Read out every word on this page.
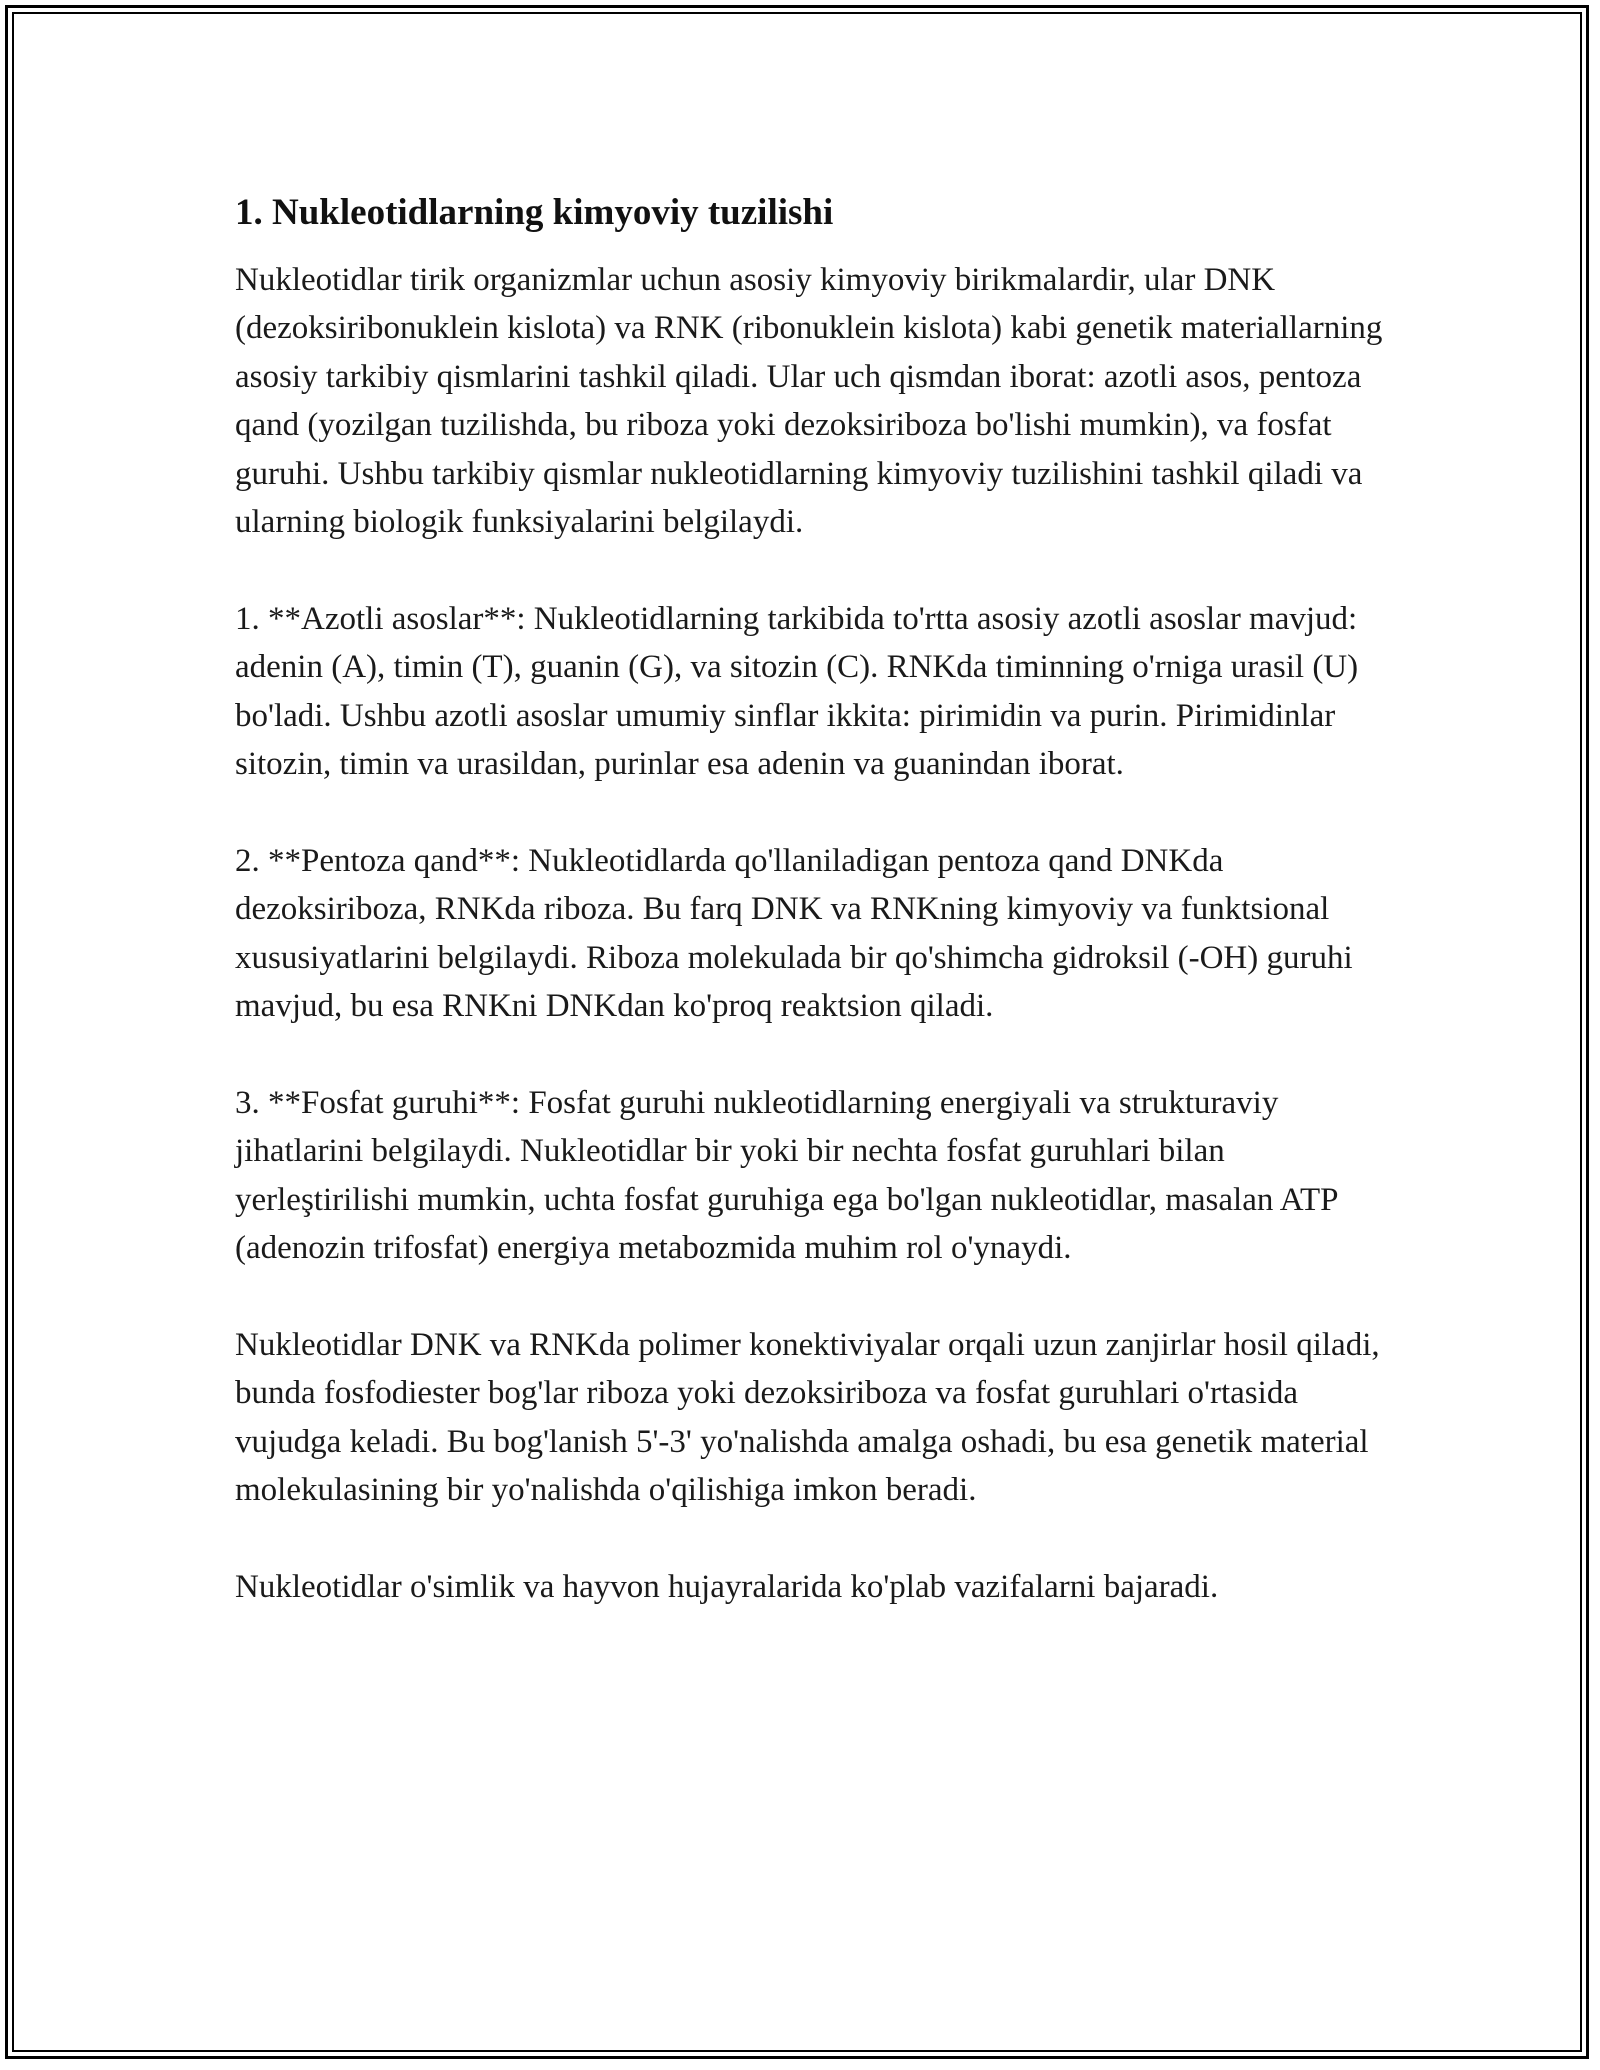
1. Nukleotidlarning kimyoviy tuzilishi

Nukleotidlar tirik organizmlar uchun asosiy kimyoviy birikmalardir, ular DNK (dezoksiribonuklein kislota) va RNK (ribonuklein kislota) kabi genetik materiallarning asosiy tarkibiy qismlarini tashkil qiladi. Ular uch qismdan iborat: azotli asos, pentoza qand (yozilgan tuzilishda, bu riboza yoki dezoksiriboza bo'lishi mumkin), va fosfat guruhi. Ushbu tarkibiy qismlar nukleotidlarning kimyoviy tuzilishini tashkil qiladi va ularning biologik funksiyalarini belgilaydi.

1. **Azotli asoslar**: Nukleotidlarning tarkibida to'rtta asosiy azotli asoslar mavjud: adenin (A), timin (T), guanin (G), va sitozin (C). RNKda timinning o'rniga urasil (U) bo'ladi. Ushbu azotli asoslar umumiy sinflar ikkita: pirimidin va purin. Pirimidinlar sitozin, timin va urasildan, purinlar esa adenin va guanindan iborat.

2. **Pentoza qand**: Nukleotidlarda qo'llaniladigan pentoza qand DNKda dezoksiriboza, RNKda riboza. Bu farq DNK va RNKning kimyoviy va funktsional xususiyatlarini belgilaydi. Riboza molekulada bir qo'shimcha gidroksil (-OH) guruhi mavjud, bu esa RNKni DNKdan ko'proq reaktsion qiladi.

3. **Fosfat guruhi**: Fosfat guruhi nukleotidlarning energiyali va strukturaviy jihatlarini belgilaydi. Nukleotidlar bir yoki bir nechta fosfat guruhlari bilan yerleştirilishi mumkin, uchta fosfat guruhiga ega bo'lgan nukleotidlar, masalan ATP (adenozin trifosfat) energiya metabozmida muhim rol o'ynaydi.

Nukleotidlar DNK va RNKda polimer konektiviyalar orqali uzun zanjirlar hosil qiladi, bunda fosfodiester bog'lar riboza yoki dezoksiriboza va fosfat guruhlari o'rtasida vujudga keladi. Bu bog'lanish 5'-3' yo'nalishda amalga oshadi, bu esa genetik material molekulasining bir yo'nalishda o'qilishiga imkon beradi.

Nukleotidlar o'simlik va hayvon hujayralarida ko'plab vazifalarni bajaradi.
